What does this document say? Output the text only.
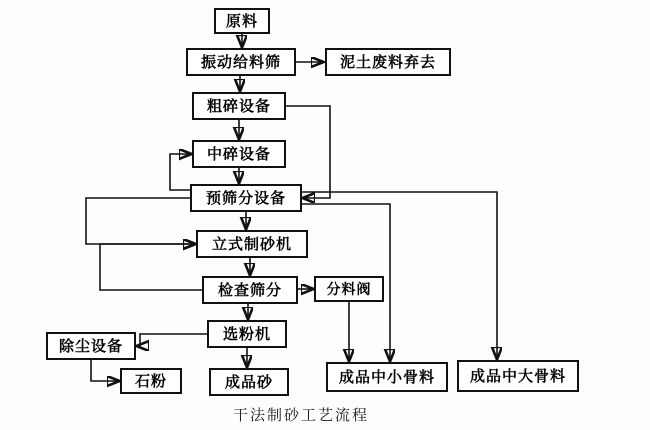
原料
振动给料筛	泥土废料弃去
粗碎设备
中碎设备
预筛分设备
立式制砂机
检查筛分	分料阀
选粉机
除尘设备
石粉	成品砂	成品中小骨料 成品中大骨料
干法制砂工艺流程
